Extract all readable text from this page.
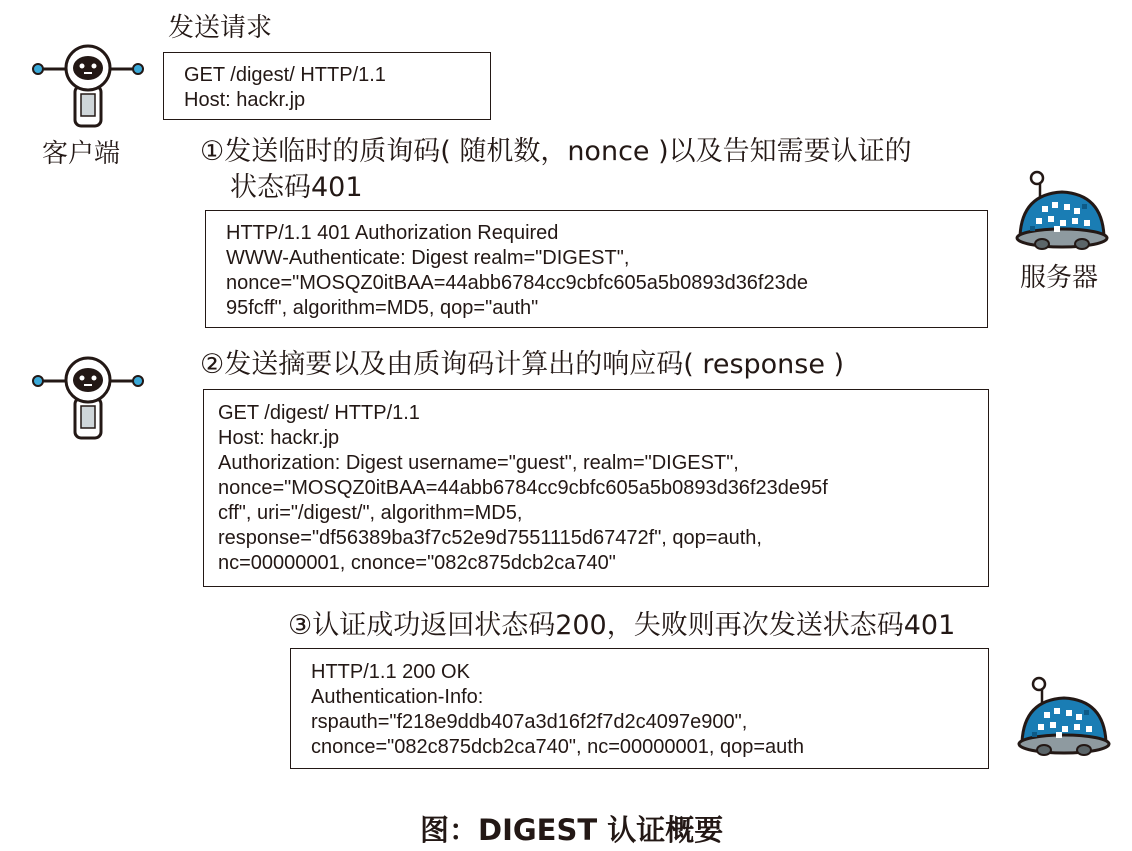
客户端
发送请求
GET /digest/ HTTP/1.1
Host: hackr.jp
①发送临时的质询码( 随机数，nonce )以及告知需要认证的
状态码401
HTTP/1.1 401 Authorization Required
WWW-Authenticate: Digest realm="DIGEST",
nonce="MOSQZ0itBAA=44abb6784cc9cbfc605a5b0893d36f23de
95fcff", algorithm=MD5, qop="auth"
服务器
②发送摘要以及由质询码计算出的响应码( response )
GET /digest/ HTTP/1.1
Host: hackr.jp
Authorization: Digest username="guest", realm="DIGEST",
nonce="MOSQZ0itBAA=44abb6784cc9cbfc605a5b0893d36f23de95f
cff", uri="/digest/", algorithm=MD5,
response="df56389ba3f7c52e9d7551115d67472f", qop=auth,
nc=00000001, cnonce="082c875dcb2ca740"
③认证成功返回状态码200，失败则再次发送状态码401
HTTP/1.1 200 OK
Authentication-Info:
rspauth="f218e9ddb407a3d16f2f7d2c4097e900",
cnonce="082c875dcb2ca740", nc=00000001, qop=auth
图：DIGEST 认证概要
